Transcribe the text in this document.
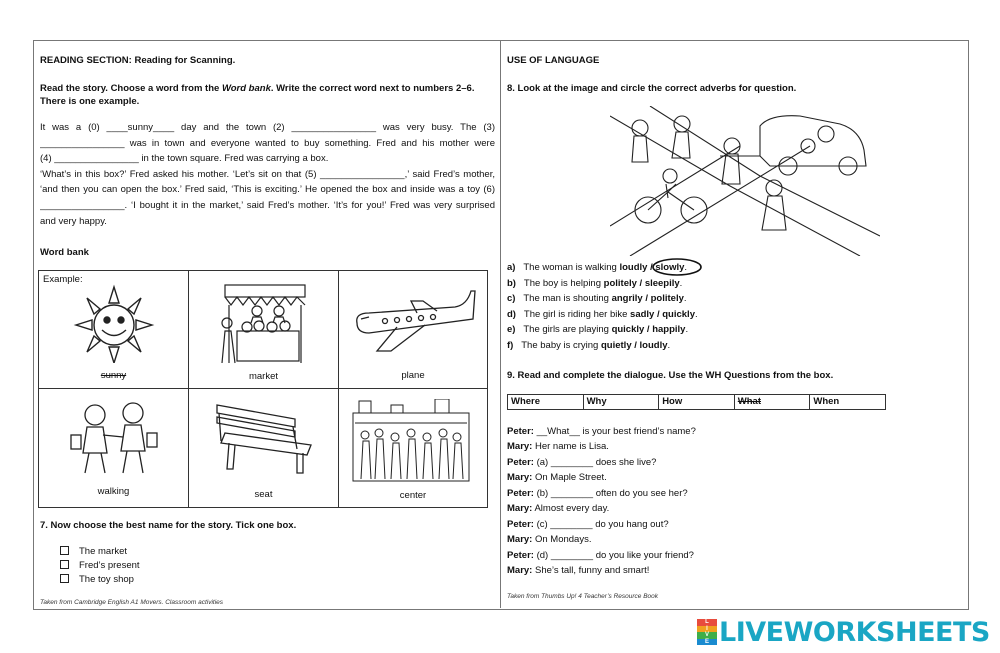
READING SECTION: Reading for Scanning.
Read the story. Choose a word from the Word bank. Write the correct word next to numbers 2–6.
There is one example.
It was a (0) ____sunny____ day and the town (2) ________________ was very busy. The (3)
________________ was in town and everyone wanted to buy something. Fred and his mother were
(4) ________________ in the town square. Fred was carrying a box.
‘What’s in this box?’ Fred asked his mother. ‘Let’s sit on that (5) ________________,’ said Fred’s mother,
‘and then you can open the box.’ Fred said, ‘This is exciting.’ He opened the box and inside was a toy (6)
________________. ‘I bought it in the market,’ said Fred’s mother. ‘It’s for you!’ Fred was very surprised
and very happy.
Word bank
Example:
sunny	market	plane
walking	seat	center
7. Now choose the best name for the story. Tick one box.
The market
Fred’s present
The toy shop
Taken from Cambridge English A1 Movers. Classroom activities
USE OF LANGUAGE
8. Look at the image and circle the correct adverbs for question.
a) The woman is walking loudly / slowly.
b) The boy is helping politely / sleepily.
c) The man is shouting angrily / politely.
d) The girl is riding her bike sadly / quickly.
e) The girls are playing quickly / happily.
f) The baby is crying quietly / loudly.
9. Read and complete the dialogue. Use the WH Questions from the box.
Where	Why	How	What	When
Peter: __What__ is your best friend’s name?
Mary: Her name is Lisa.
Peter: (a) ________ does she live?
Mary: On Maple Street.
Peter: (b) ________ often do you see her?
Mary: Almost every day.
Peter: (c) ________ do you hang out?
Mary: On Mondays.
Peter: (d) ________ do you like your friend?
Mary: She’s tall, funny and smart!
Taken from Thumbs Up! 4 Teacher’s Resource Book
L
I
V
E LIVEWORKSHEETS
